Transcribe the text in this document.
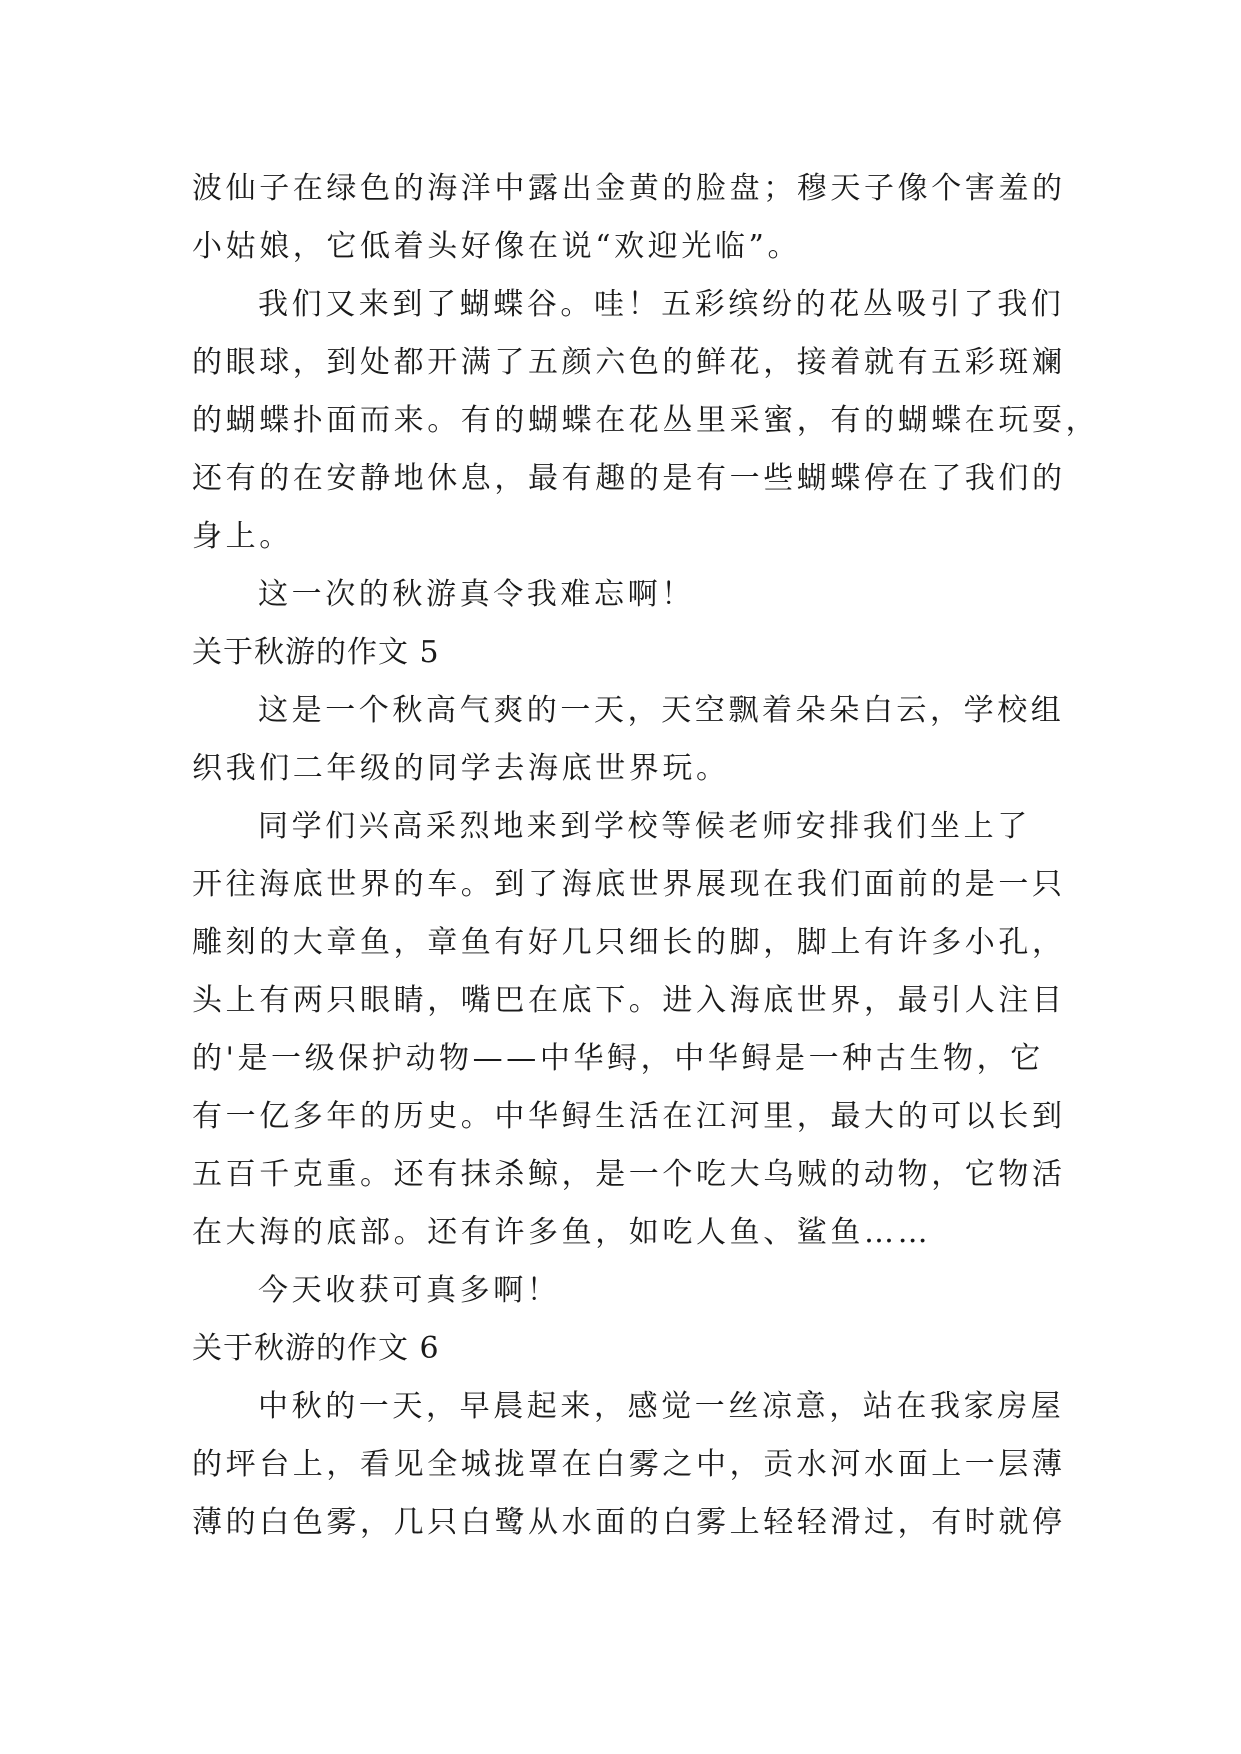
波仙子在绿色的海洋中露出金黄的脸盘；穆天子像个害羞的
小姑娘，它低着头好像在说“欢迎光临”。
我们又来到了蝴蝶谷。哇！五彩缤纷的花丛吸引了我们
的眼球，到处都开满了五颜六色的鲜花，接着就有五彩斑斓
的蝴蝶扑面而来。有的蝴蝶在花丛里采蜜，有的蝴蝶在玩耍，
还有的在安静地休息，最有趣的是有一些蝴蝶停在了我们的
身上。
这一次的秋游真令我难忘啊！
关于秋游的作文 5
这是一个秋高气爽的一天，天空飘着朵朵白云，学校组
织我们二年级的同学去海底世界玩。
同学们兴高采烈地来到学校等候老师安排我们坐上了
开往海底世界的车。到了海底世界展现在我们面前的是一只
雕刻的大章鱼，章鱼有好几只细长的脚，脚上有许多小孔，
头上有两只眼睛，嘴巴在底下。进入海底世界，最引人注目
的'是一级保护动物——中华鲟，中华鲟是一种古生物，它
有一亿多年的历史。中华鲟生活在江河里，最大的可以长到
五百千克重。还有抹杀鲸，是一个吃大乌贼的动物，它物活
在大海的底部。还有许多鱼，如吃人鱼、鲨鱼……
今天收获可真多啊！
关于秋游的作文 6
中秋的一天，早晨起来，感觉一丝凉意，站在我家房屋
的坪台上，看见全城拢罩在白雾之中，贡水河水面上一层薄
薄的白色雾，几只白鹭从水面的白雾上轻轻滑过，有时就停
